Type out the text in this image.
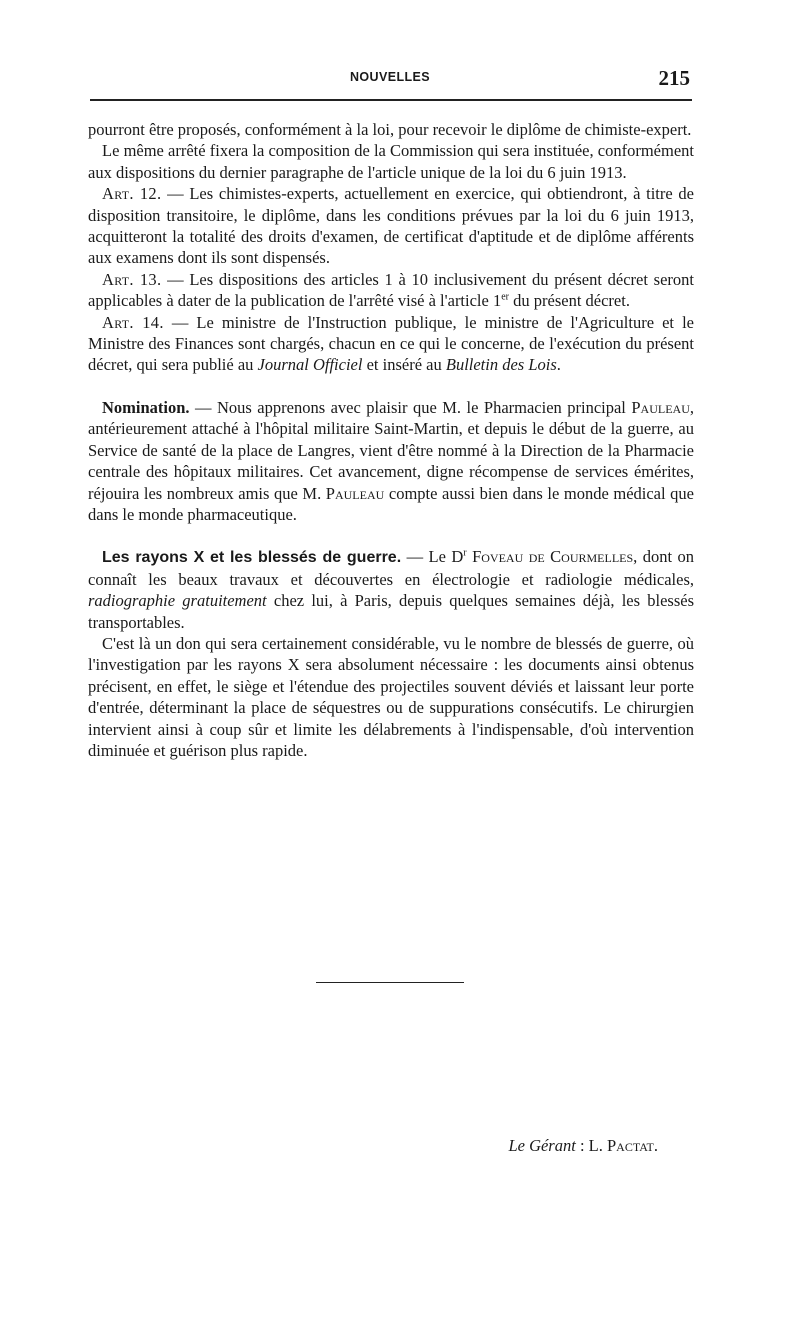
NOUVELLES	215

pourront être proposés, conformément à la loi, pour recevoir le diplôme de chimiste-expert.

Le même arrêté fixera la composition de la Commission qui sera instituée, conformément aux dispositions du dernier paragraphe de l'article unique de la loi du 6 juin 1913.

Art. 12. — Les chimistes-experts, actuellement en exercice, qui obtiendront, à titre de disposition transitoire, le diplôme, dans les conditions prévues par la loi du 6 juin 1913, acquitteront la totalité des droits d'examen, de certificat d'aptitude et de diplôme afférents aux examens dont ils sont dispensés.

Art. 13. — Les dispositions des articles 1 à 10 inclusivement du présent décret seront applicables à dater de la publication de l'arrêté visé à l'article 1er du présent décret.

Art. 14. — Le ministre de l'Instruction publique, le ministre de l'Agriculture et le Ministre des Finances sont chargés, chacun en ce qui le concerne, de l'exécution du présent décret, qui sera publié au Journal Officiel et inséré au Bulletin des Lois.

Nomination. — Nous apprenons avec plaisir que M. le Pharmacien principal Pauleau, antérieurement attaché à l'hôpital militaire Saint-Martin, et depuis le début de la guerre, au Service de santé de la place de Langres, vient d'être nommé à la Direction de la Pharmacie centrale des hôpitaux militaires. Cet avancement, digne récompense de services émérites, réjouira les nombreux amis que M. Pauleau compte aussi bien dans le monde médical que dans le monde pharmaceutique.

Les rayons X et les blessés de guerre. — Le $D^r$ Foveau de Courmelles, dont on connaît les beaux travaux et découvertes en électrologie et radiologie médicales, radiographie gratuitement chez lui, à Paris, depuis quelques semaines déjà, les blessés transportables.

C'est là un don qui sera certainement considérable, vu le nombre de blessés de guerre, où l'investigation par les rayons X sera absolument nécessaire : les documents ainsi obtenus précisent, en effet, le siège et l'étendue des projectiles souvent déviés et laissant leur porte d'entrée, déterminant la place de séquestres ou de suppurations consécutifs. Le chirurgien intervient ainsi à coup sûr et limite les délabrements à l'indispensable, d'où intervention diminuée et guérison plus rapide.

Le Gérant : L. Pactat.
